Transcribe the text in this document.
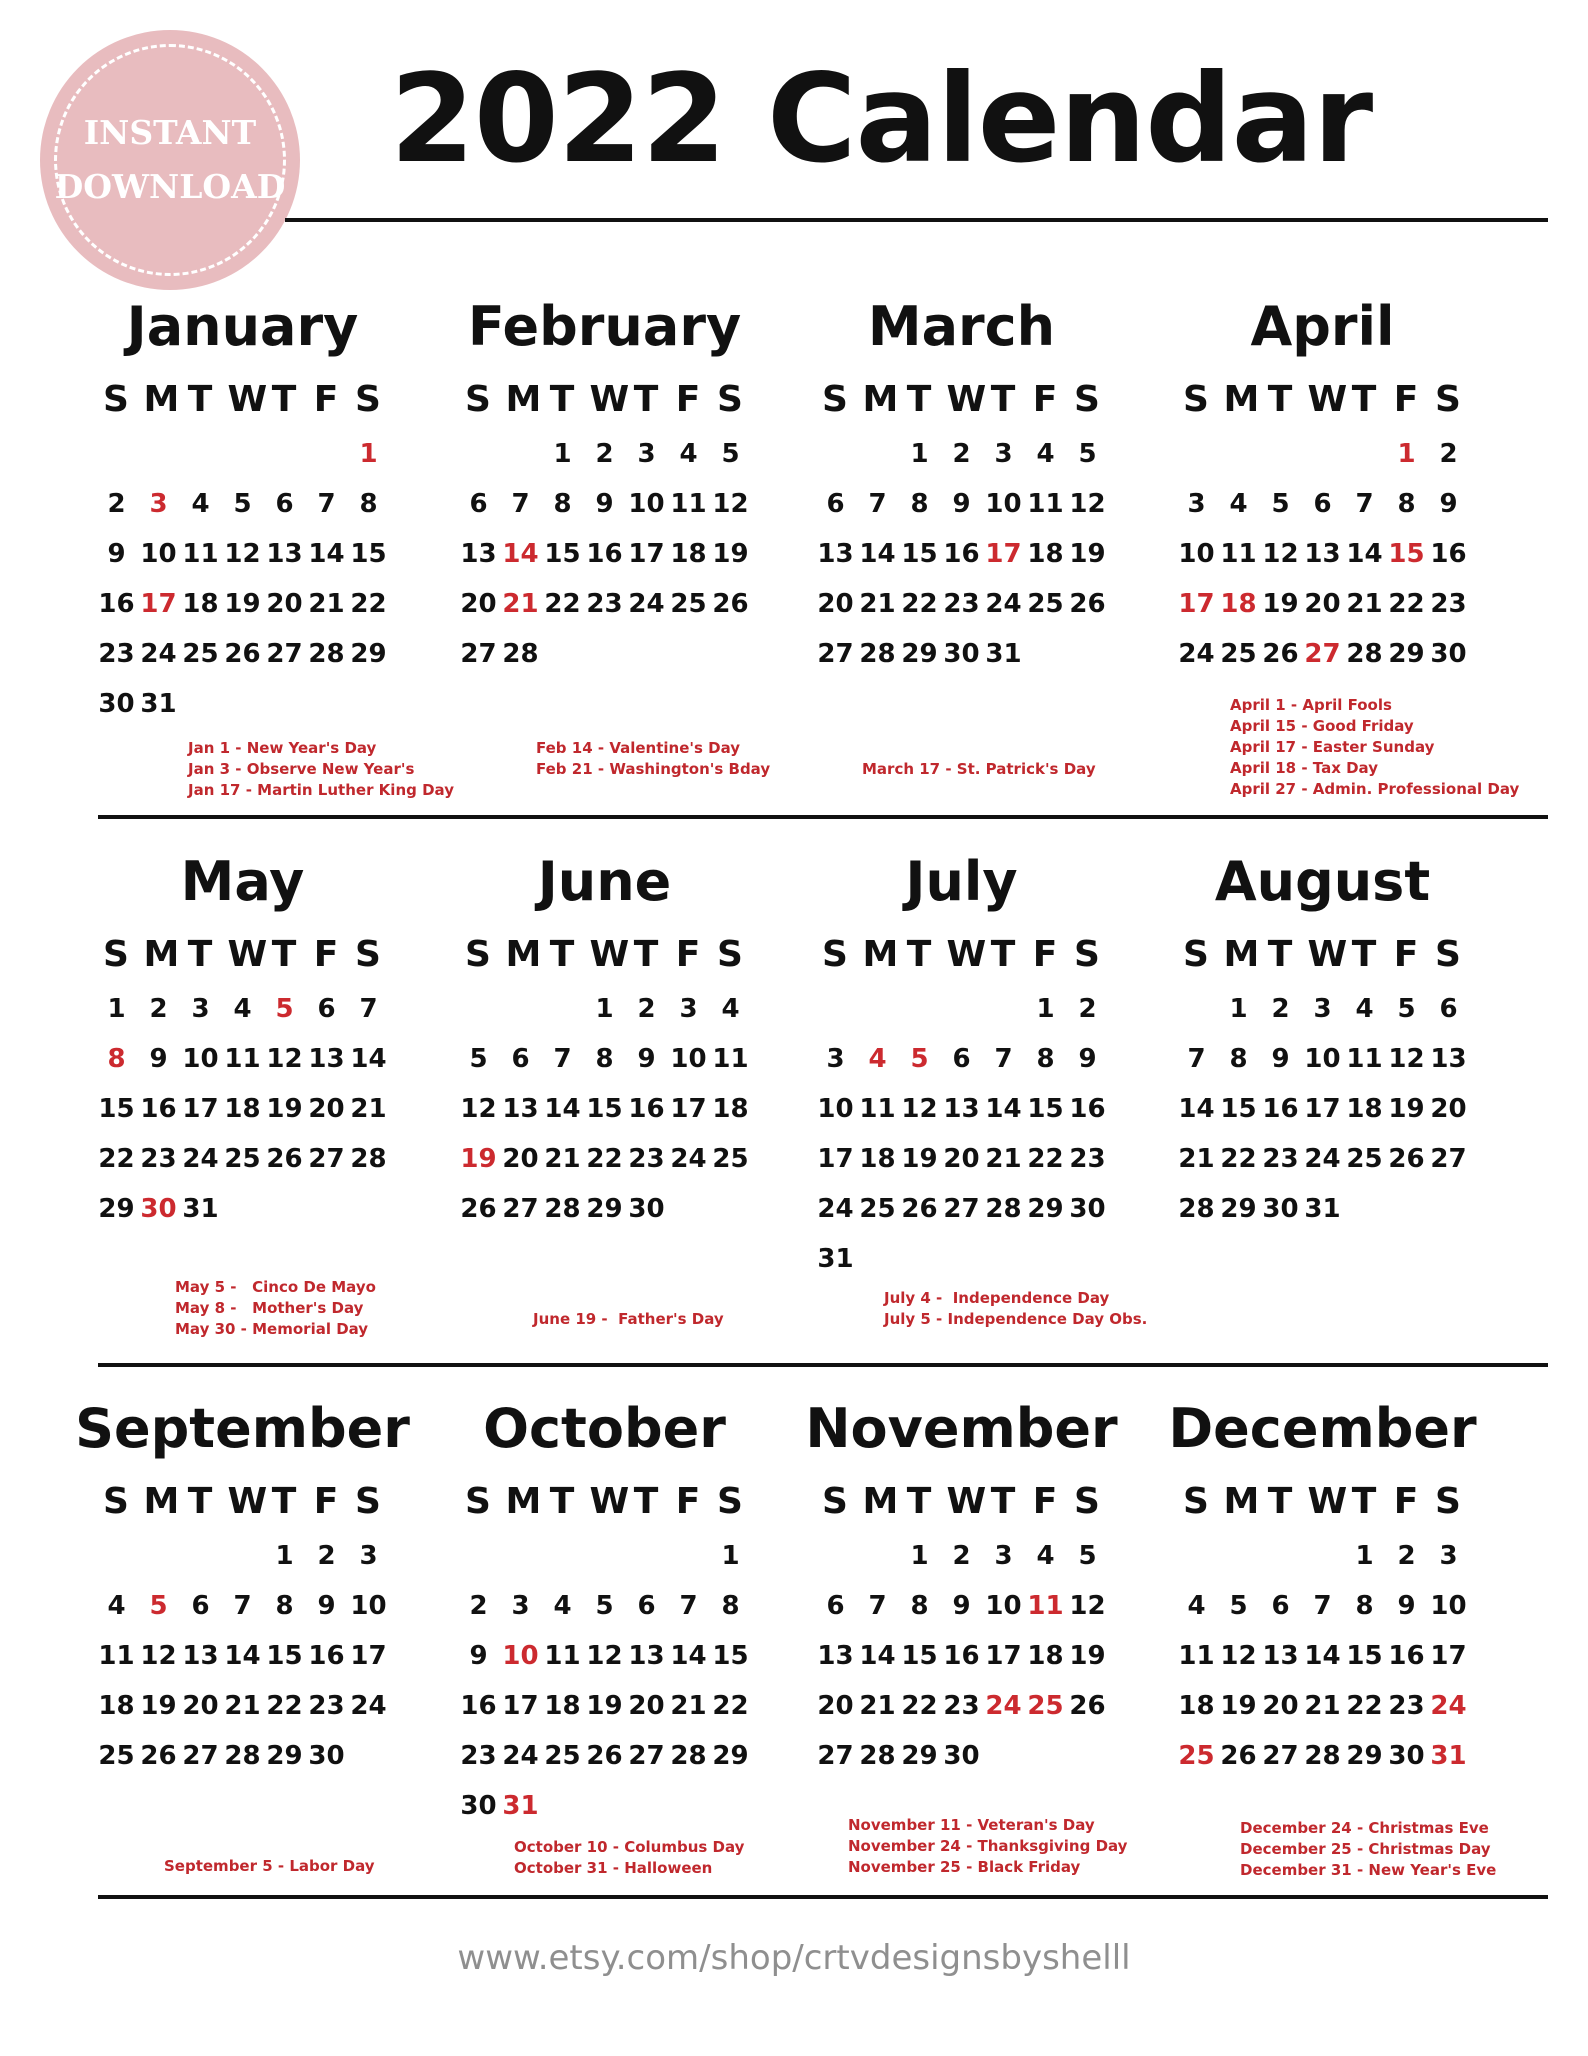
INSTANT
DOWNLOAD 2022 Calendar
January
S M T W T F S
1
2 3 4 5 6 7 8
9 10 11 12 13 14 15
16 17 18 19 20 21 22
23 24 25 26 27 28 29
30 31
Jan 1 - New Year's Day
Jan 3 - Observe New Year's
Jan 17 - Martin Luther King Day
February
S M T W T F S
1 2 3 4 5
6 7 8 9 10 11 12
13 14 15 16 17 18 19
20 21 22 23 24 25 26
27 28
Feb 14 - Valentine's Day
Feb 21 - Washington's Bday
March
S M T W T F S
1 2 3 4 5
6 7 8 9 10 11 12
13 14 15 16 17 18 19
20 21 22 23 24 25 26
27 28 29 30 31
March 17 - St. Patrick's Day
April
S M T W T F S
1 2
3 4 5 6 7 8 9
10 11 12 13 14 15 16
17 18 19 20 21 22 23
24 25 26 27 28 29 30
April 1 - April Fools
April 15 - Good Friday
April 17 - Easter Sunday
April 18 - Tax Day
April 27 - Admin. Professional Day
May
S M T W T F S
1 2 3 4 5 6 7
8 9 10 11 12 13 14
15 16 17 18 19 20 21
22 23 24 25 26 27 28
29 30 31
May 5 -   Cinco De Mayo
May 8 -   Mother's Day
May 30 - Memorial Day
June
S M T W T F S
1 2 3 4
5 6 7 8 9 10 11
12 13 14 15 16 17 18
19 20 21 22 23 24 25
26 27 28 29 30
June 19 -  Father's Day
July
S M T W T F S
1 2
3 4 5 6 7 8 9
10 11 12 13 14 15 16
17 18 19 20 21 22 23
24 25 26 27 28 29 30
31
July 4 -  Independence Day
July 5 - Independence Day Obs.
August
S M T W T F S
1 2 3 4 5 6
7 8 9 10 11 12 13
14 15 16 17 18 19 20
21 22 23 24 25 26 27
28 29 30 31
September
S M T W T F S
1 2 3
4 5 6 7 8 9 10
11 12 13 14 15 16 17
18 19 20 21 22 23 24
25 26 27 28 29 30
September 5 - Labor Day
October
S M T W T F S
1
2 3 4 5 6 7 8
9 10 11 12 13 14 15
16 17 18 19 20 21 22
23 24 25 26 27 28 29
30 31
October 10 - Columbus Day
October 31 - Halloween
November
S M T W T F S
1 2 3 4 5
6 7 8 9 10 11 12
13 14 15 16 17 18 19
20 21 22 23 24 25 26
27 28 29 30
November 11 - Veteran's Day
November 24 - Thanksgiving Day
November 25 - Black Friday
December
S M T W T F S
1 2 3
4 5 6 7 8 9 10
11 12 13 14 15 16 17
18 19 20 21 22 23 24
25 26 27 28 29 30 31
December 24 - Christmas Eve
December 25 - Christmas Day
December 31 - New Year's Eve
www.etsy.com/shop/crtvdesignsbyshelll
